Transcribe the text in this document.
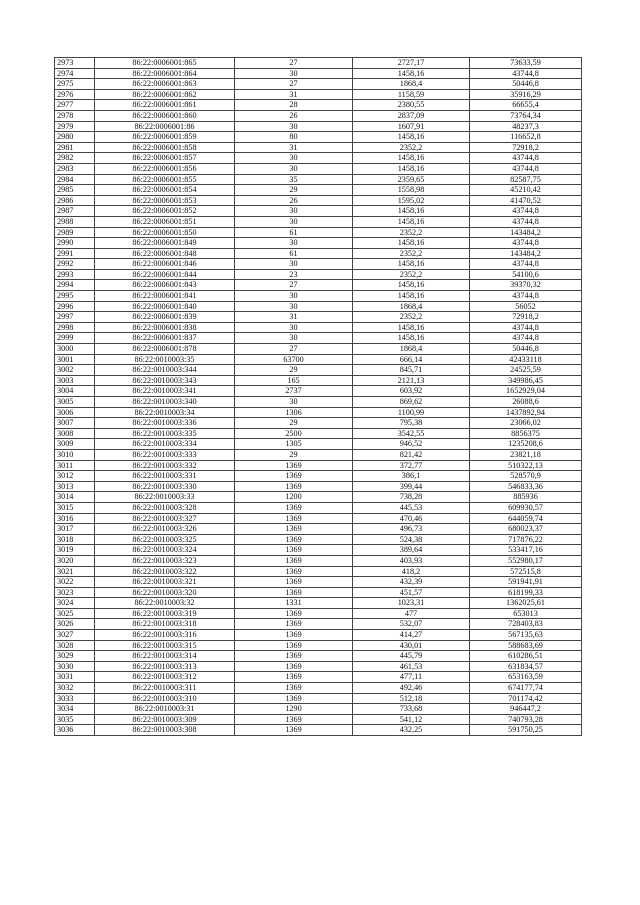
2973	86:22:0006001:865	27	2727,17	73633,59
2974	86:22:0006001:864	30	1458,16	43744,8
2975	86:22:0006001:863	27	1868,4	50446,8
2976	86:22:0006001:862	31	1158,59	35916,29
2977	86:22:0006001:861	28	2380,55	66655,4
2978	86:22:0006001:860	26	2837,09	73764,34
2979	86:22:0006001:86	30	1607,91	48237,3
2980	86:22:0006001:859	80	1458,16	116652,8
2981	86:22:0006001:858	31	2352,2	72918,2
2982	86:22:0006001:857	30	1458,16	43744,8
2983	86:22:0006001:856	30	1458,16	43744,8
2984	86:22:0006001:855	35	2359,65	82587,75
2985	86:22:0006001:854	29	1558,98	45210,42
2986	86:22:0006001:853	26	1595,02	41470,52
2987	86:22:0006001:852	30	1458,16	43744,8
2988	86:22:0006001:851	30	1458,16	43744,8
2989	86:22:0006001:850	61	2352,2	143484,2
2990	86:22:0006001:849	30	1458,16	43744,8
2991	86:22:0006001:848	61	2352,2	143484,2
2992	86:22:0006001:846	30	1458,16	43744,8
2993	86:22:0006001:844	23	2352,2	54100,6
2994	86:22:0006001:843	27	1458,16	39370,32
2995	86:22:0006001:841	30	1458,16	43744,8
2996	86:22:0006001:840	30	1868,4	56052
2997	86:22:0006001:839	31	2352,2	72918,2
2998	86:22:0006001:838	30	1458,16	43744,8
2999	86:22:0006001:837	30	1458,16	43744,8
3000	86:22:0006001:878	27	1868,4	50446,8
3001	86:22:0010003:35	63700	666,14	42433118
3002	86:22:0010003:344	29	845,71	24525,59
3003	86:22:0010003:343	165	2121,13	349986,45
3004	86:22:0010003:341	2737	603,92	1652929,04
3005	86:22:0010003:340	30	869,62	26088,6
3006	86:22:0010003:34	1306	1100,99	1437892,94
3007	86:22:0010003:336	29	795,38	23066,02
3008	86:22:0010003:335	2500	3542,55	8856375
3009	86:22:0010003:334	1305	946,52	1235208,6
3010	86:22:0010003:333	29	821,42	23821,18
3011	86:22:0010003:332	1369	372,77	510322,13
3012	86:22:0010003:331	1369	386,1	528570,9
3013	86:22:0010003:330	1369	399,44	546833,36
3014	86:22:0010003:33	1200	738,28	885936
3015	86:22:0010003:328	1369	445,53	609930,57
3016	86:22:0010003:327	1369	470,46	644059,74
3017	86:22:0010003:326	1369	496,73	680023,37
3018	86:22:0010003:325	1369	524,38	717876,22
3019	86:22:0010003:324	1369	389,64	533417,16
3020	86:22:0010003:323	1369	403,93	552980,17
3021	86:22:0010003:322	1369	418,2	572515,8
3022	86:22:0010003:321	1369	432,39	591941,91
3023	86:22:0010003:320	1369	451,57	618199,33
3024	86:22:0010003:32	1331	1023,31	1362025,61
3025	86:22:0010003:319	1369	477	653013
3026	86:22:0010003:318	1369	532,07	728403,83
3027	86:22:0010003:316	1369	414,27	567135,63
3028	86:22:0010003:315	1369	430,01	588683,69
3029	86:22:0010003:314	1369	445,79	610286,51
3030	86:22:0010003:313	1369	461,53	631834,57
3031	86:22:0010003:312	1369	477,11	653163,59
3032	86:22:0010003:311	1369	492,46	674177,74
3033	86:22:0010003:310	1369	512,18	701174,42
3034	86:22:0010003:31	1290	733,68	946447,2
3035	86:22:0010003:309	1369	541,12	740793,28
3036	86:22:0010003:308	1369	432,25	591750,25
